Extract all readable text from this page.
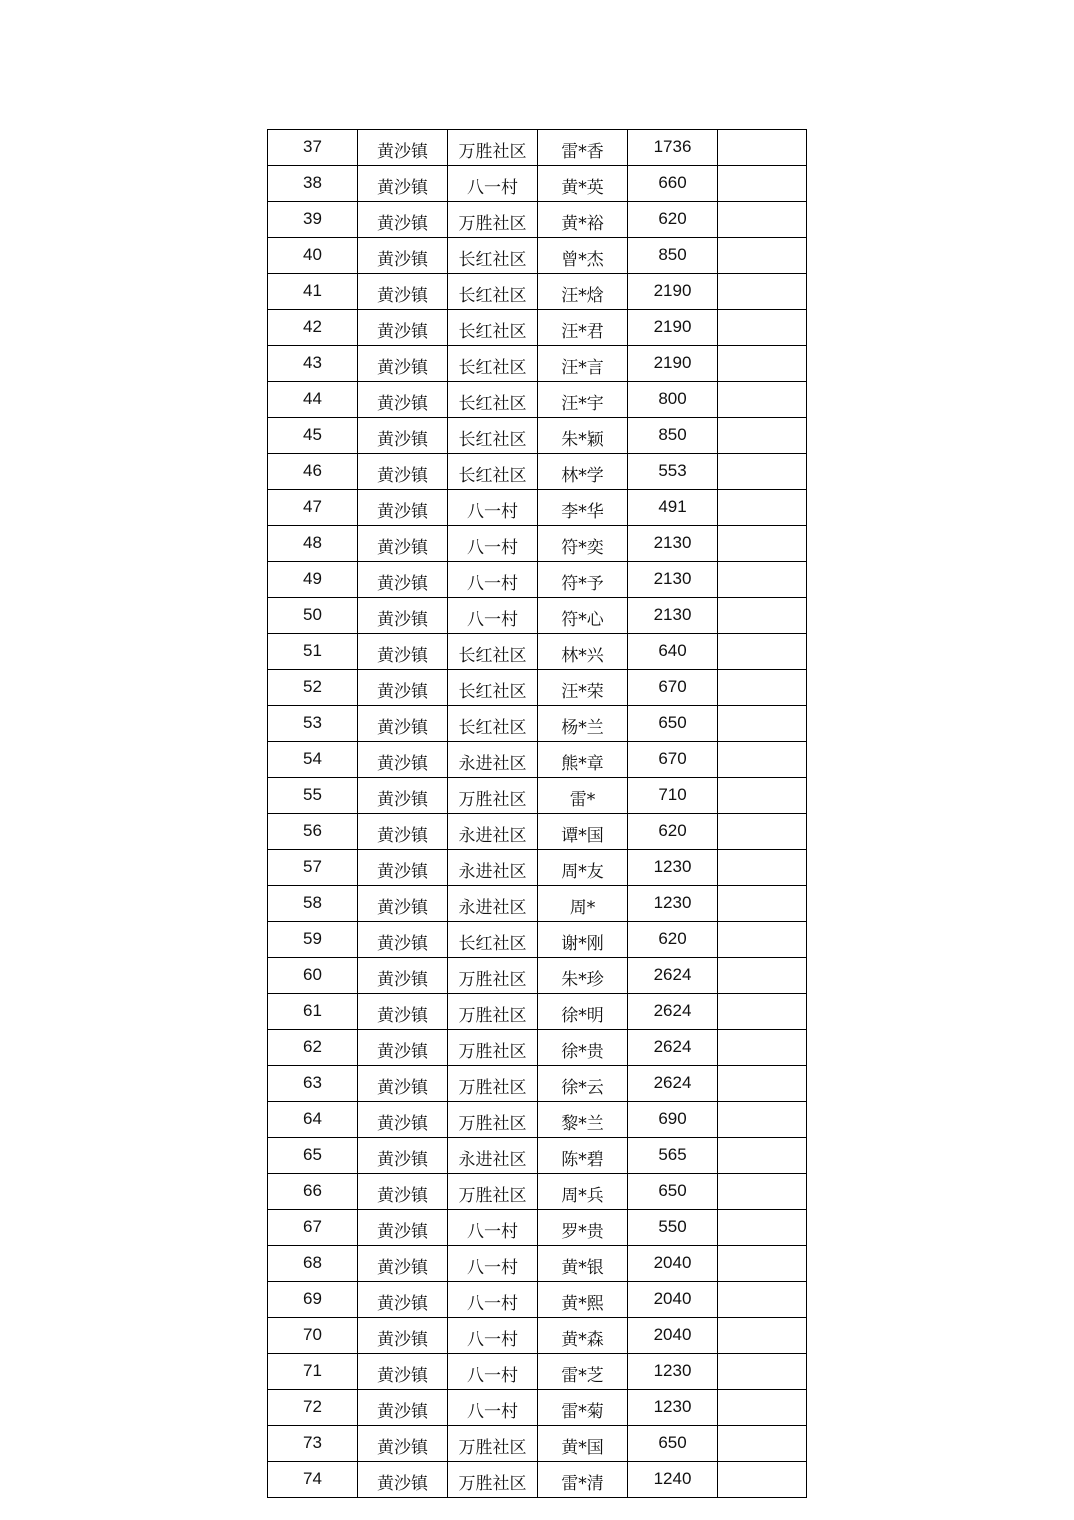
37	黄沙镇	万胜社区	雷*香	1736	
38	黄沙镇	八一村	黄*英	660	
39	黄沙镇	万胜社区	黄*裕	620	
40	黄沙镇	长红社区	曾*杰	850	
41	黄沙镇	长红社区	汪*焓	2190	
42	黄沙镇	长红社区	汪*君	2190	
43	黄沙镇	长红社区	汪*言	2190	
44	黄沙镇	长红社区	汪*宇	800	
45	黄沙镇	长红社区	朱*颖	850	
46	黄沙镇	长红社区	林*学	553	
47	黄沙镇	八一村	李*华	491	
48	黄沙镇	八一村	符*奕	2130	
49	黄沙镇	八一村	符*予	2130	
50	黄沙镇	八一村	符*心	2130	
51	黄沙镇	长红社区	林*兴	640	
52	黄沙镇	长红社区	汪*荣	670	
53	黄沙镇	长红社区	杨*兰	650	
54	黄沙镇	永进社区	熊*章	670	
55	黄沙镇	万胜社区	雷*	710	
56	黄沙镇	永进社区	谭*国	620	
57	黄沙镇	永进社区	周*友	1230	
58	黄沙镇	永进社区	周*	1230	
59	黄沙镇	长红社区	谢*刚	620	
60	黄沙镇	万胜社区	朱*珍	2624	
61	黄沙镇	万胜社区	徐*明	2624	
62	黄沙镇	万胜社区	徐*贵	2624	
63	黄沙镇	万胜社区	徐*云	2624	
64	黄沙镇	万胜社区	黎*兰	690	
65	黄沙镇	永进社区	陈*碧	565	
66	黄沙镇	万胜社区	周*兵	650	
67	黄沙镇	八一村	罗*贵	550	
68	黄沙镇	八一村	黄*银	2040	
69	黄沙镇	八一村	黄*熙	2040	
70	黄沙镇	八一村	黄*森	2040	
71	黄沙镇	八一村	雷*芝	1230	
72	黄沙镇	八一村	雷*菊	1230	
73	黄沙镇	万胜社区	黄*国	650	
74	黄沙镇	万胜社区	雷*清	1240	
